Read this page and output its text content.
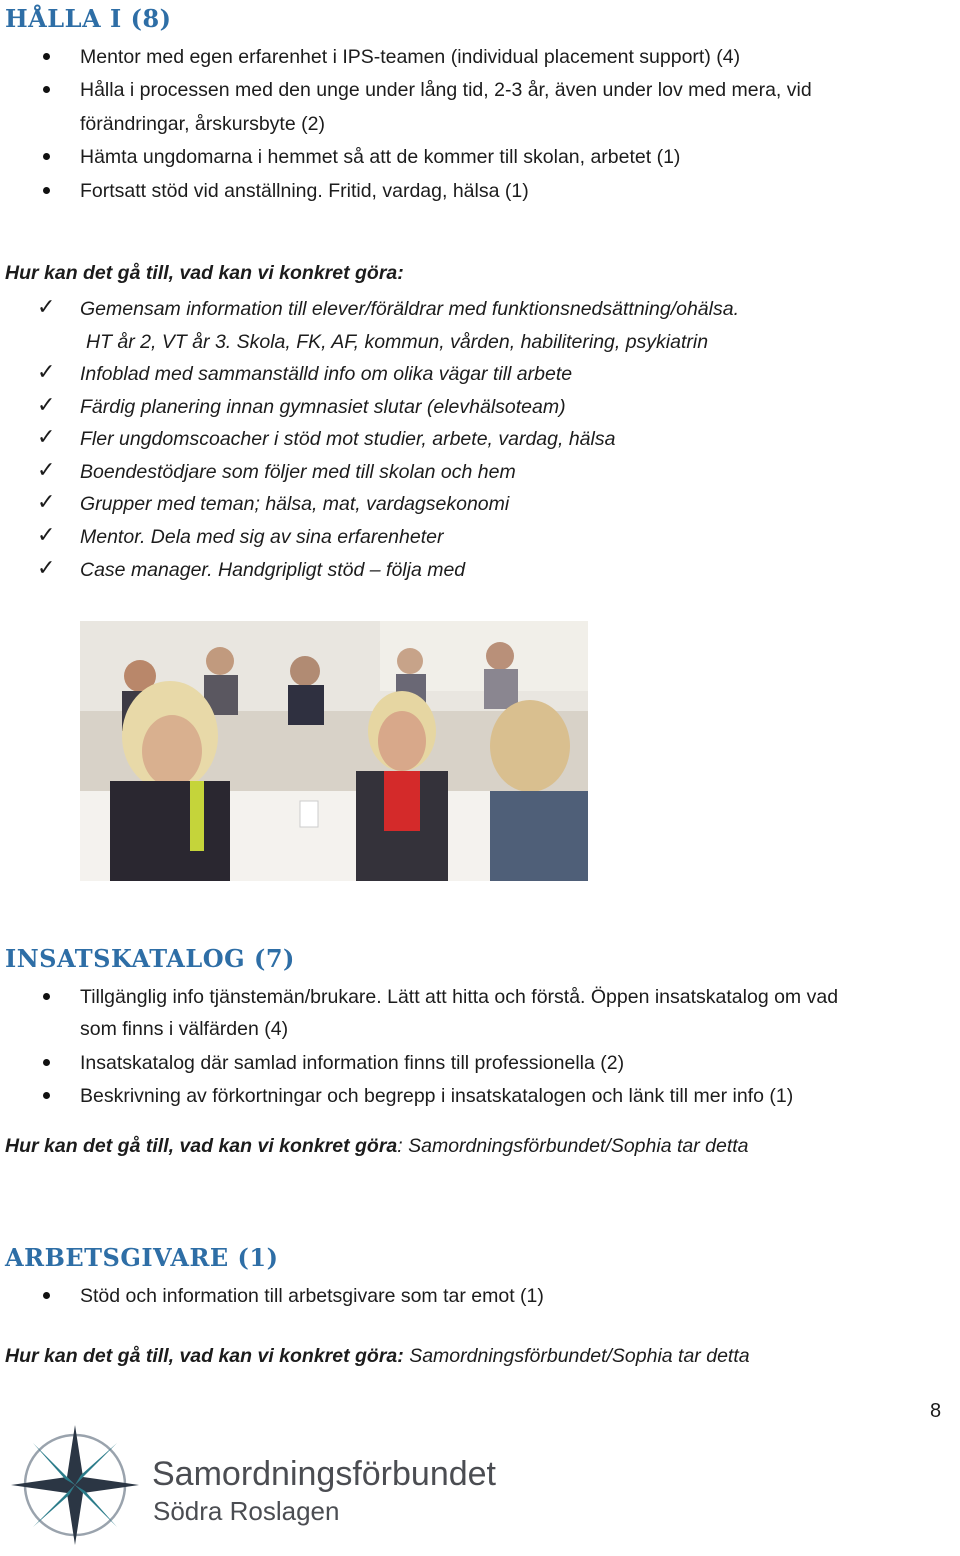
HÅLLA I (8)
Mentor med egen erfarenhet i IPS-teamen (individual placement support) (4)
Hålla i processen med den unge under lång tid, 2-3 år, även under lov med mera, vid
förändringar, årskursbyte (2)
Hämta ungdomarna i hemmet så att de kommer till skolan, arbetet (1)
Fortsatt stöd vid anställning. Fritid, vardag, hälsa (1)
Hur kan det gå till, vad kan vi konkret göra:
✓ Gemensam information till elever/föräldrar med funktionsnedsättning/ohälsa.
HT år 2, VT år 3. Skola, FK, AF, kommun, vården, habilitering, psykiatrin
✓ Infoblad med sammanställd info om olika vägar till arbete
✓ Färdig planering innan gymnasiet slutar (elevhälsoteam)
✓ Fler ungdomscoacher i stöd mot studier, arbete, vardag, hälsa
✓ Boendestödjare som följer med till skolan och hem
✓ Grupper med teman; hälsa, mat, vardagsekonomi
✓ Mentor. Dela med sig av sina erfarenheter
✓ Case manager. Handgripligt stöd – följa med
INSATSKATALOG (7)
Tillgänglig info tjänstemän/brukare. Lätt att hitta och förstå. Öppen insatskatalog om vad
som finns i välfärden (4)
Insatskatalog där samlad information finns till professionella (2)
Beskrivning av förkortningar och begrepp i insatskatalogen och länk till mer info (1)
Hur kan det gå till, vad kan vi konkret göra: Samordningsförbundet/Sophia tar detta
ARBETSGIVARE (1)
Stöd och information till arbetsgivare som tar emot (1)
Hur kan det gå till, vad kan vi konkret göra: Samordningsförbundet/Sophia tar detta
8
Samordningsförbundet
Södra Roslagen
